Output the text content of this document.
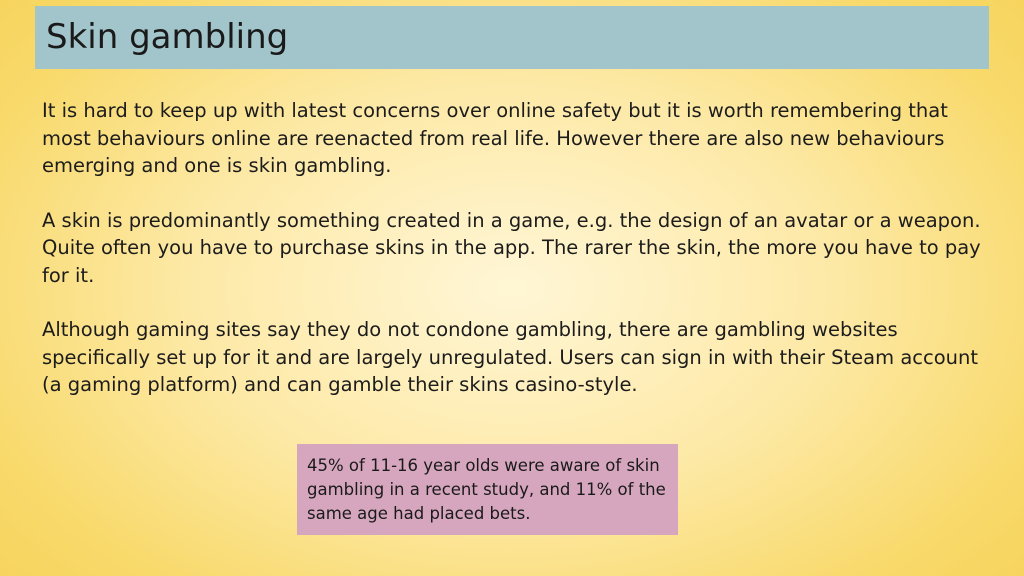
Skin gambling

It is hard to keep up with latest concerns over online safety but it is worth remembering that most behaviours online are reenacted from real life. However there are also new behaviours emerging and one is skin gambling.

A skin is predominantly something created in a game, e.g. the design of an avatar or a weapon. Quite often you have to purchase skins in the app. The rarer the skin, the more you have to pay for it.

Although gaming sites say they do not condone gambling, there are gambling websites specifically set up for it and are largely unregulated. Users can sign in with their Steam account (a gaming platform) and can gamble their skins casino-style.

45% of 11-16 year olds were aware of skin gambling in a recent study, and 11% of the same age had placed bets.
